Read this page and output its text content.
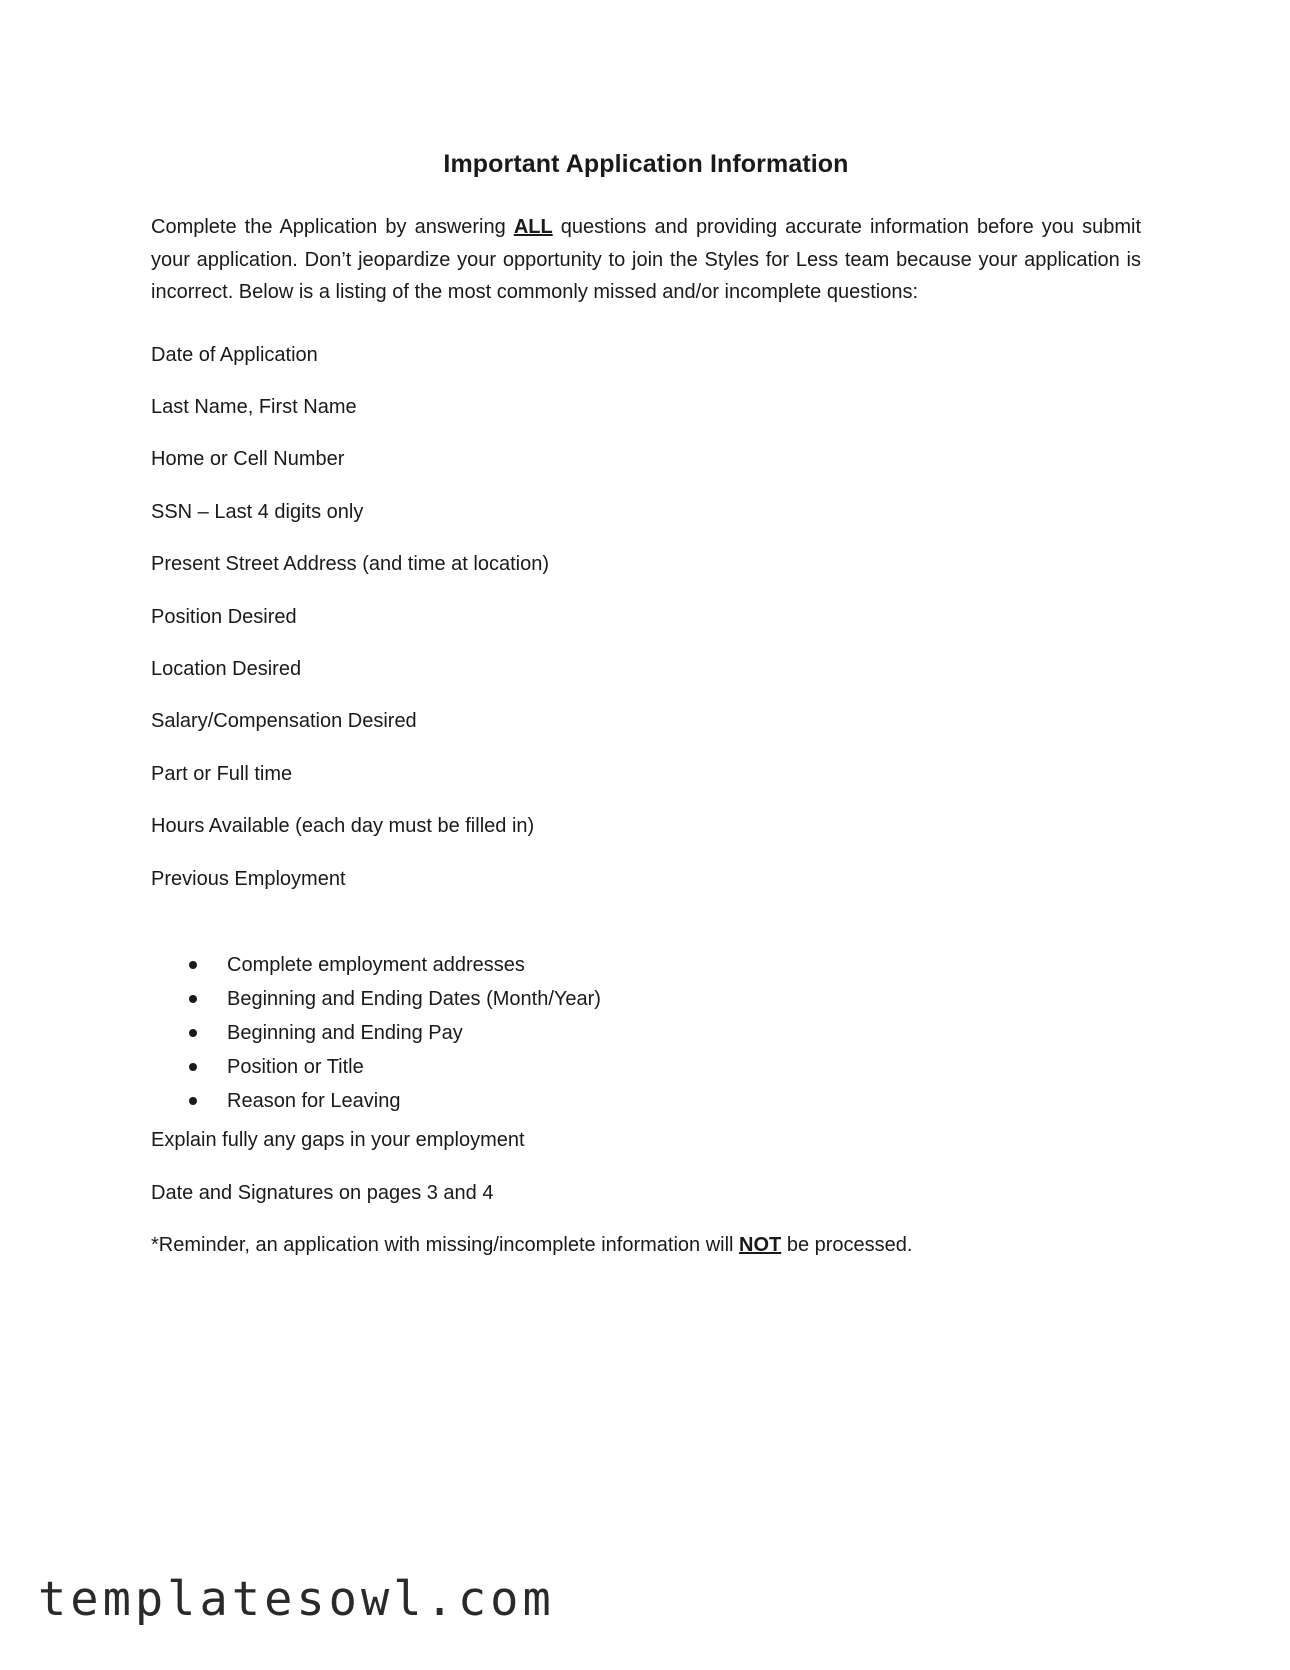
Important Application Information

Complete the Application by answering ALL questions and providing accurate information before you submit your application. Don’t jeopardize your opportunity to join the Styles for Less team because your application is incorrect. Below is a listing of the most commonly missed and/or incomplete questions:

Date of Application

Last Name, First Name

Home or Cell Number

SSN – Last 4 digits only

Present Street Address (and time at location)

Position Desired

Location Desired

Salary/Compensation Desired

Part or Full time

Hours Available (each day must be filled in)

Previous Employment

Complete employment addresses
Beginning and Ending Dates (Month/Year)
Beginning and Ending Pay
Position or Title
Reason for Leaving

Explain fully any gaps in your employment

Date and Signatures on pages 3 and 4

*Reminder, an application with missing/incomplete information will NOT be processed.

templatesowl.com
